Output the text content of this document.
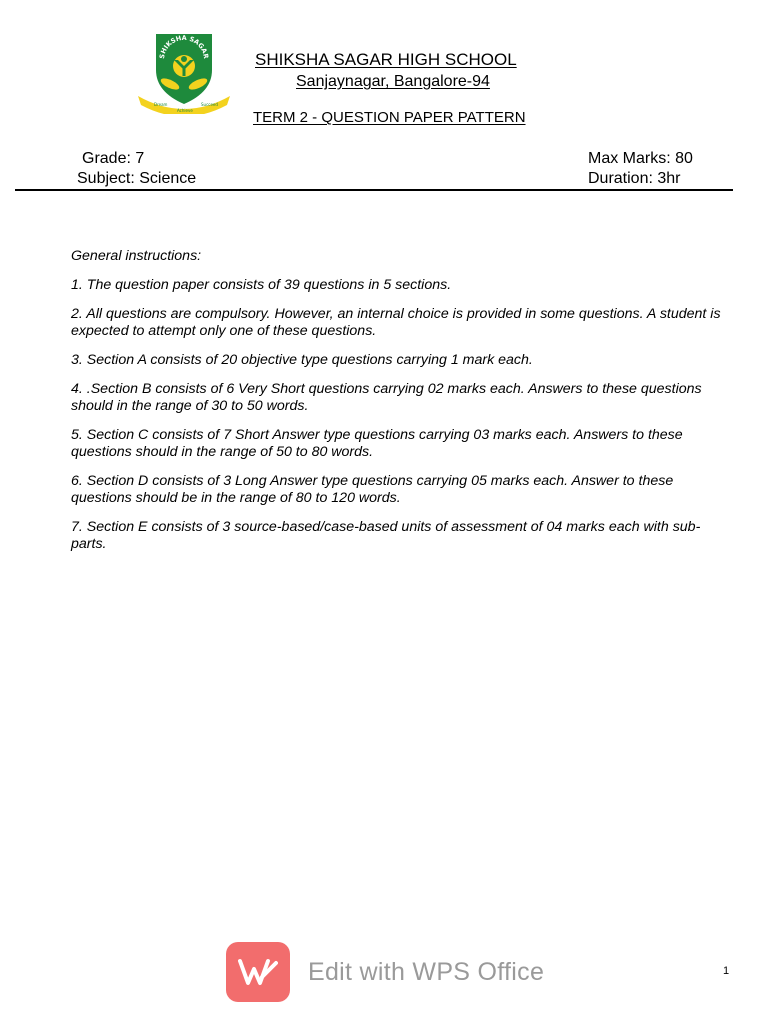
SHIKSHA SAGAR
Dream
Achieve
Succeed
SHIKSHA SAGAR HIGH SCHOOL
Sanjaynagar, Bangalore-94
TERM 2 - QUESTION PAPER PATTERN
Grade: 7
Subject: Science
Max Marks: 80
Duration: 3hr

General instructions:

1. The question paper consists of 39 questions in 5 sections.

2. All questions are compulsory. However, an internal choice is provided in some questions. A student is expected to attempt only one of these questions.

3. Section A consists of 20 objective type questions carrying 1 mark each.

4. .Section B consists of 6 Very Short questions carrying 02 marks each. Answers to these questions should in the range of 30 to 50 words.

5. Section C consists of 7 Short Answer type questions carrying 03 marks each. Answers to these questions should in the range of 50 to 80 words.

6. Section D consists of 3 Long Answer type questions carrying 05 marks each. Answer to these questions should be in the range of 80 to 120 words.

7. Section E consists of 3 source-based/case-based units of assessment of 04 marks each with sub-parts.

Edit with WPS Office	1
